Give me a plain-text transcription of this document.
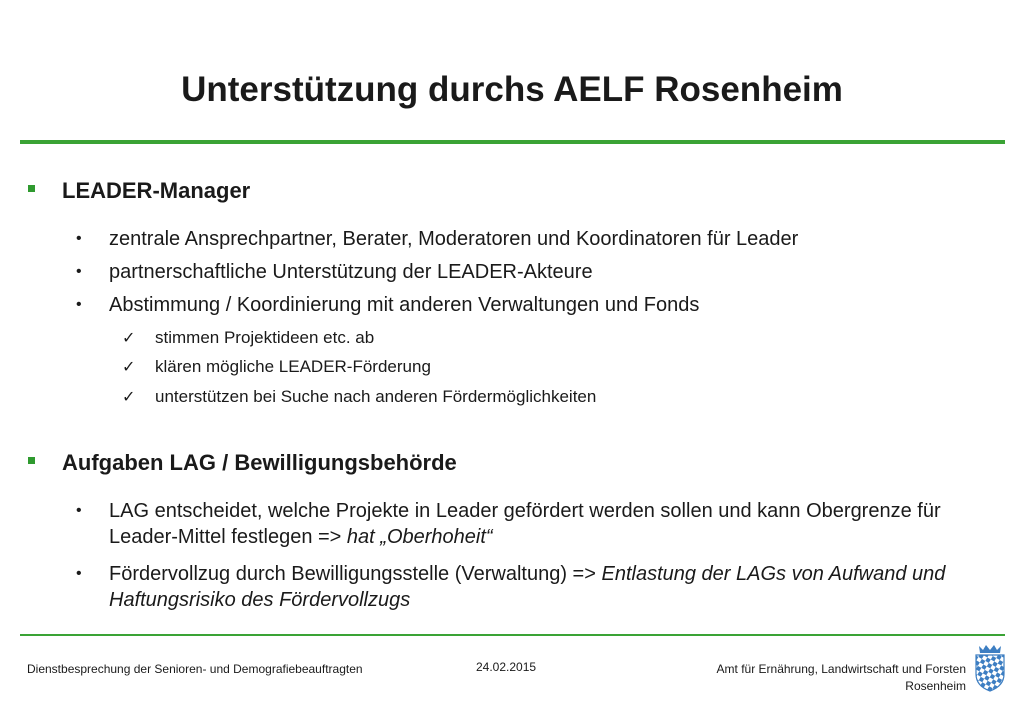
Unterstützung durchs AELF Rosenheim
LEADER-Manager
• zentrale Ansprechpartner, Berater, Moderatoren und Koordinatoren für Leader
• partnerschaftliche Unterstützung der LEADER-Akteure
• Abstimmung / Koordinierung mit anderen Verwaltungen und Fonds
✓ stimmen Projektideen etc. ab
✓ klären mögliche LEADER-Förderung
✓ unterstützen bei Suche nach anderen Fördermöglichkeiten
Aufgaben LAG / Bewilligungsbehörde
• LAG entscheidet, welche Projekte in Leader gefördert werden sollen und kann Obergrenze für Leader-Mittel festlegen => hat „Oberhoheit“
• Fördervollzug durch Bewilligungsstelle (Verwaltung) => Entlastung der LAGs von Aufwand und Haftungsrisiko des Fördervollzugs
Dienstbesprechung der Senioren- und Demografiebeauftragten	24.02.2015	Amt für Ernährung, Landwirtschaft und Forsten
Rosenheim
